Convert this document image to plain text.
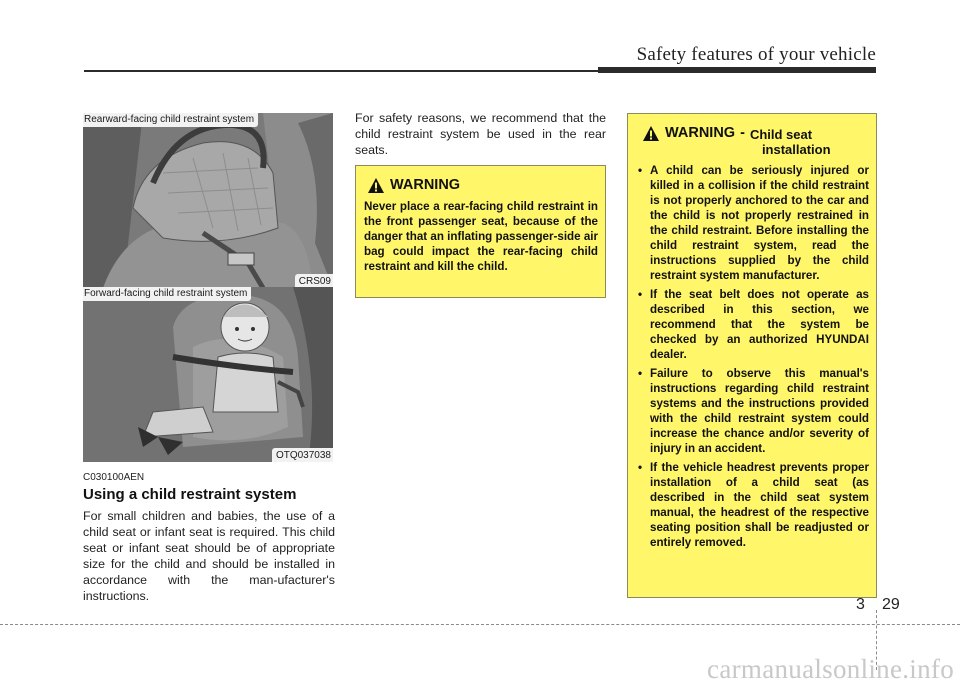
Safety features of your vehicle
Rearward-facing child restraint system
CRS09
Forward-facing child restraint system
OTQ037038
C030100AEN
Using a child restraint system
For small children and babies, the use of a child seat or infant seat is required. This child seat or infant seat should be of appropriate size for the child and should be installed in accordance with the man-ufacturer's instructions.
For safety reasons, we recommend that the child restraint system be used in the rear seats.
WARNING
Never place a rear-facing child restraint in the front passenger seat, because of the danger that an inflating passenger-side air bag could impact the rear-facing child restraint and kill the child.
WARNING - Child seat
installation
• A child can be seriously injured or killed in a collision if the child restraint is not properly anchored to the car and the child is not properly restrained in the child restraint. Before installing the child restraint system, read the instructions supplied by the child restraint system manufacturer.
• If the seat belt does not operate as described in this section, we recommend that the system be checked by an authorized HYUNDAI dealer.
• Failure to observe this manual's instructions regarding child restraint systems and the instructions provided with the child restraint system could increase the chance and/or severity of injury in an accident.
• If the vehicle headrest prevents proper installation of a child seat (as described in the child seat system manual, the headrest of the respective seating position shall be readjusted or entirely removed.
3 29
carmanualsonline.info
